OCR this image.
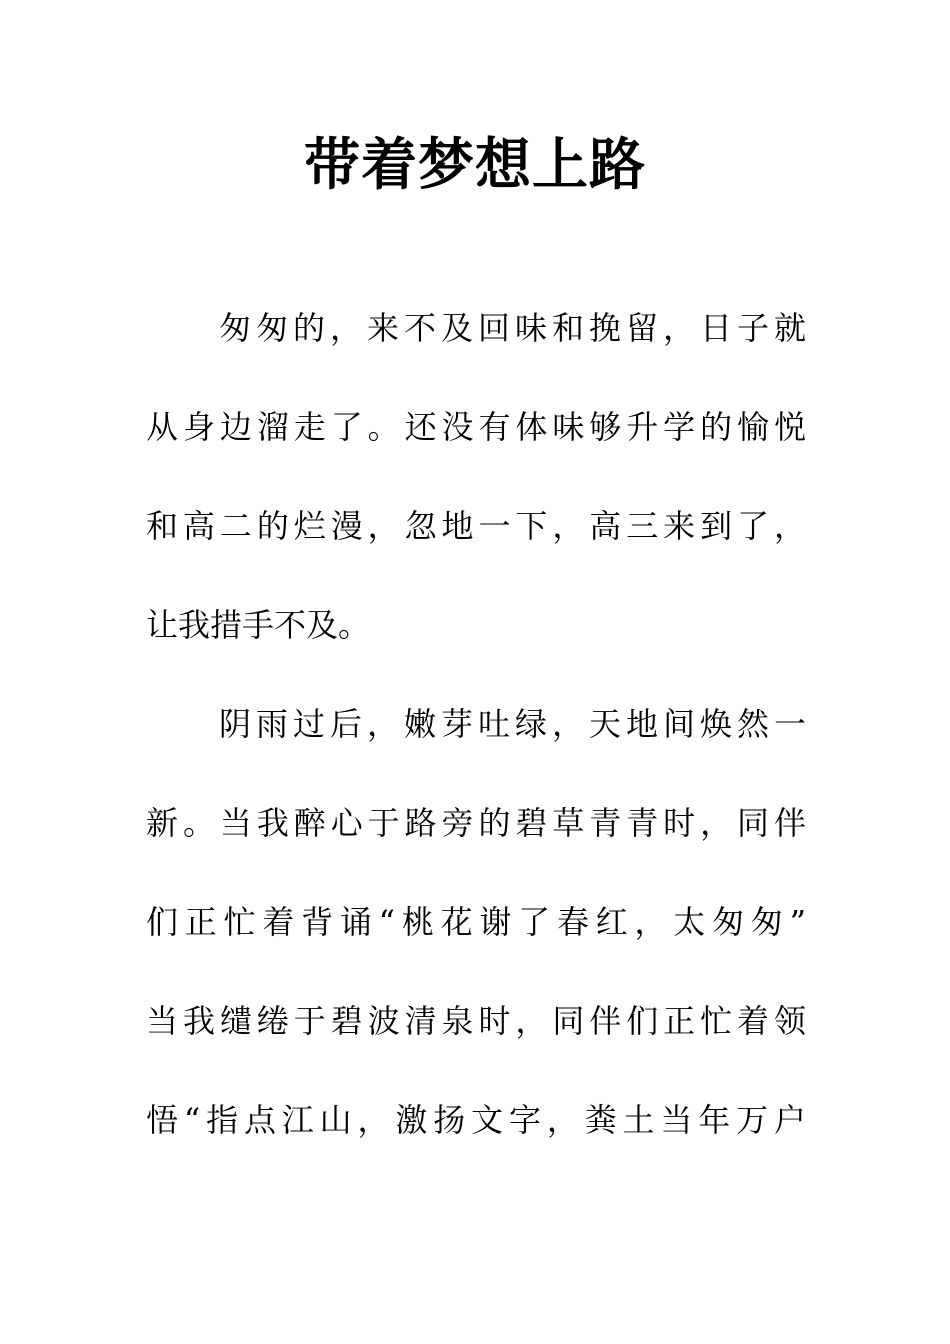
带着梦想上路
匆匆的，来不及回味和挽留，日子就
从身边溜走了。还没有体味够升学的愉悦
和高二的烂漫，忽地一下，高三来到了，
让我措手不及。
阴雨过后，嫩芽吐绿，天地间焕然一
新。当我醉心于路旁的碧草青青时，同伴
们正忙着背诵“桃花谢了春红，太匆匆”
当我缱绻于碧波清泉时，同伴们正忙着领
悟“指点江山，激扬文字，粪土当年万户
